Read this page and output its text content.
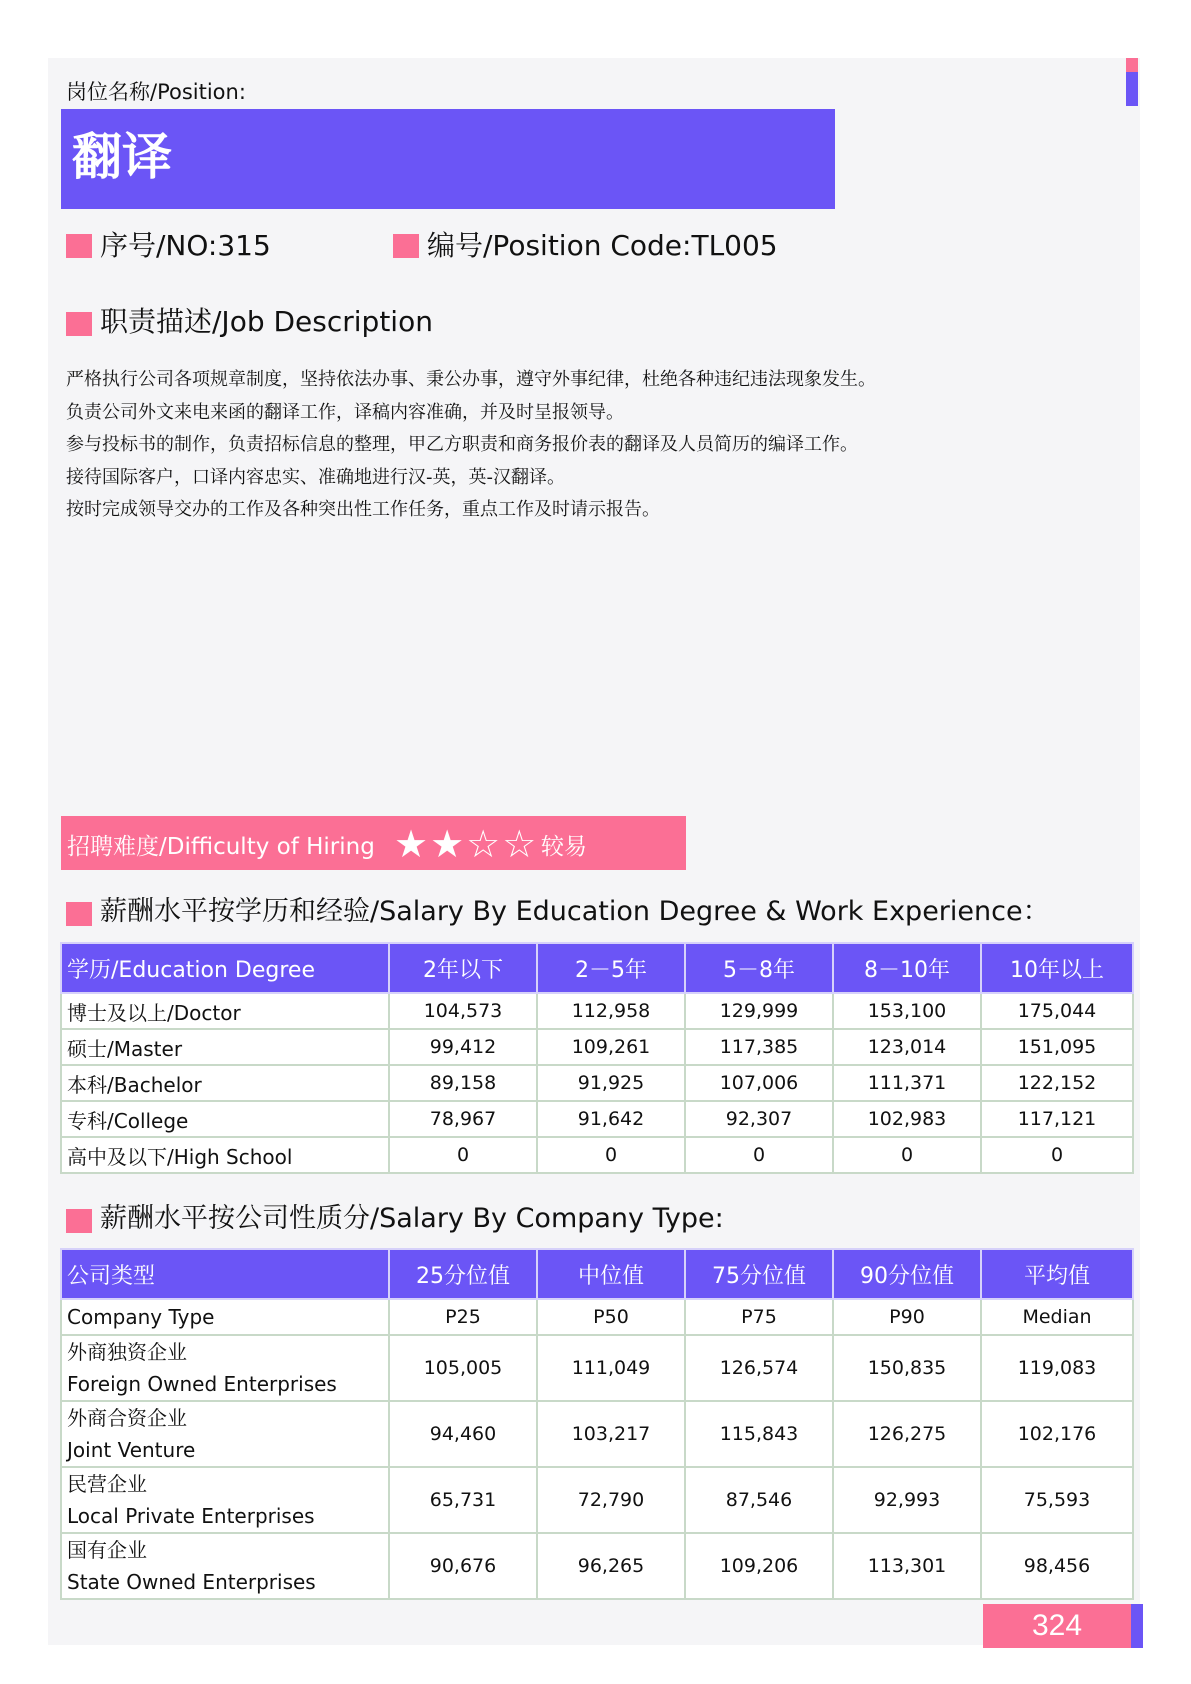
岗位名称/Position:
翻译
序号/NO:315	编号/Position Code:TL005
职责描述/Job Description
严格执行公司各项规章制度，坚持依法办事、秉公办事，遵守外事纪律，杜绝各种违纪违法现象发生。
负责公司外文来电来函的翻译工作，译稿内容准确，并及时呈报领导。
参与投标书的制作，负责招标信息的整理，甲乙方职责和商务报价表的翻译及人员简历的编译工作。
接待国际客户，口译内容忠实、准确地进行汉-英，英-汉翻译。
按时完成领导交办的工作及各种突出性工作任务，重点工作及时请示报告。
招聘难度/Difficulty of Hiring ★★☆☆ 较易
薪酬水平按学历和经验/Salary By Education Degree & Work Experience：
学历/Education Degree	2年以下	2－5年	5－8年	8－10年	10年以上
博士及以上/Doctor	104,573	112,958	129,999	153,100	175,044
硕士/Master	99,412	109,261	117,385	123,014	151,095
本科/Bachelor	89,158	91,925	107,006	111,371	122,152
专科/College	78,967	91,642	92,307	102,983	117,121
高中及以下/High School	0	0	0	0	0
薪酬水平按公司性质分/Salary By Company Type:
公司类型	25分位值	中位值	75分位值	90分位值	平均值
Company Type	P25	P50	P75	P90	Median

外商独资企业
Foreign Owned Enterprises	105,005	111,049	126,574	150,835	119,083

外商合资企业
Joint Venture	94,460	103,217	115,843	126,275	102,176

民营企业
Local Private Enterprises	65,731	72,790	87,546	92,993	75,593

国有企业
State Owned Enterprises	90,676	96,265	109,206	113,301	98,456
324
